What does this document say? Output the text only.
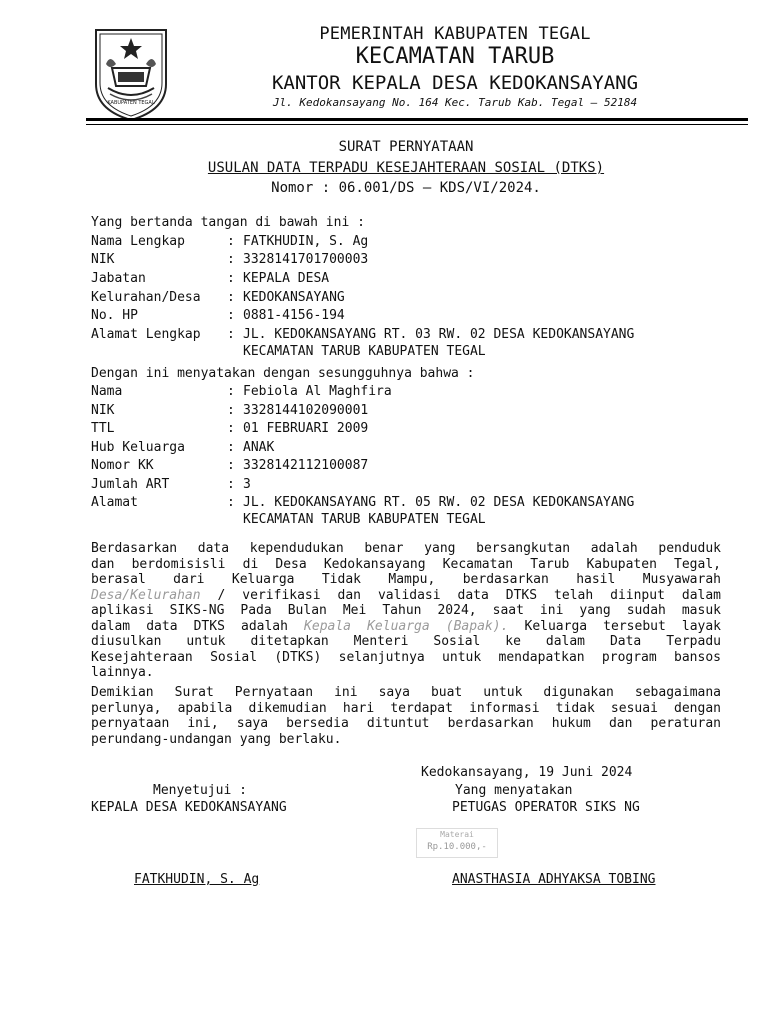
KABUPATEN TEGAL
PEMERINTAH KABUPATEN TEGAL
KECAMATAN TARUB
KANTOR KEPALA DESA KEDOKANSAYANG
Jl. Kedokansayang No. 164 Kec. Tarub Kab. Tegal – 52184
SURAT PERNYATAAN
USULAN DATA TERPADU KESEJAHTERAAN SOSIAL (DTKS)
Nomor : 06.001/DS – KDS/VI/2024.
Yang bertanda tangan di bawah ini :
Nama Lengkap	: FATKHUDIN, S. Ag
NIK	: 3328141701700003
Jabatan	: KEPALA DESA
Kelurahan/Desa	: KEDOKANSAYANG
No. HP	: 0881-4156-194
Alamat Lengkap	: JL. KEDOKANSAYANG RT. 03 RW. 02 DESA KEDOKANSAYANG
KECAMATAN TARUB KABUPATEN TEGAL
Dengan ini menyatakan dengan sesungguhnya bahwa :
Nama	: Febiola Al Maghfira
NIK	: 3328144102090001
TTL	: 01 FEBRUARI 2009
Hub Keluarga	: ANAK
Nomor KK	: 3328142112100087
Jumlah ART	: 3
Alamat	: JL. KEDOKANSAYANG RT. 05 RW. 02 DESA KEDOKANSAYANG
KECAMATAN TARUB KABUPATEN TEGAL
Berdasarkan data kependudukan benar yang bersangkutan adalah penduduk
dan berdomisisli di Desa Kedokansayang Kecamatan Tarub Kabupaten Tegal,
berasal dari Keluarga Tidak Mampu, berdasarkan hasil Musyawarah
Desa/Kelurahan / verifikasi dan validasi data DTKS telah diinput dalam
aplikasi SIKS-NG Pada Bulan Mei Tahun 2024, saat ini yang sudah masuk
dalam data DTKS adalah Kepala Keluarga (Bapak). Keluarga tersebut layak
diusulkan untuk ditetapkan Menteri Sosial ke dalam Data Terpadu
Kesejahteraan Sosial (DTKS) selanjutnya untuk mendapatkan program bansos
lainnya.
Demikian Surat Pernyataan ini saya buat untuk digunakan sebagaimana
perlunya, apabila dikemudian hari terdapat informasi tidak sesuai dengan
pernyataan ini, saya bersedia dituntut berdasarkan hukum dan peraturan
perundang-undangan yang berlaku.
Kedokansayang, 19 Juni 2024
Menyetujui :	Yang menyatakan
KEPALA DESA KEDOKANSAYANG	PETUGAS OPERATOR SIKS NG
Materai
Rp.10.000,-
FATKHUDIN, S. Ag	ANASTHASIA ADHYAKSA TOBING
